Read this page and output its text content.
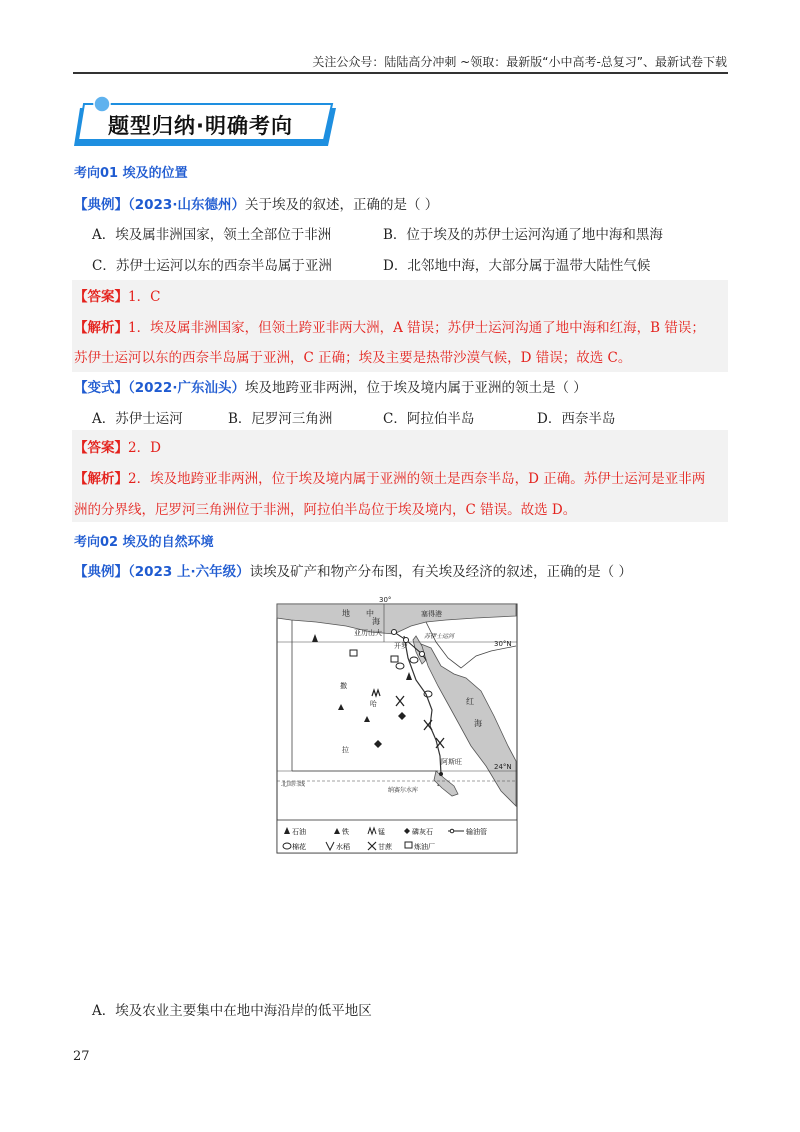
关注公众号：陆陆高分冲刺 ~领取：最新版“小中高考-总复习”、最新试卷下载
题型归纳·明确考向
考向01 埃及的位置
【典例】（2023·山东德州）关于埃及的叙述，正确的是（ ）
A．埃及属非洲国家，领土全部位于非洲	B．位于埃及的苏伊士运河沟通了地中海和黑海
C．苏伊士运河以东的西奈半岛属于亚洲	D．北邻地中海，大部分属于温带大陆性气候
【答案】1．C
【解析】1．埃及属非洲国家，但领土跨亚非两大洲，A 错误；苏伊士运河沟通了地中海和红海，B 错误；
苏伊士运河以东的西奈半岛属于亚洲，C 正确；埃及主要是热带沙漠气候，D 错误；故选 C。
【变式】（2022·广东汕头）埃及地跨亚非两洲，位于埃及境内属于亚洲的领土是（ ）
A．苏伊士运河	B．尼罗河三角洲	C．阿拉伯半岛	D．西奈半岛
【答案】2．D
【解析】2．埃及地跨亚非两洲，位于埃及境内属于亚洲的领土是西奈半岛，D 正确。苏伊士运河是亚非两
洲的分界线，尼罗河三角洲位于非洲，阿拉伯半岛位于埃及境内，C 错误。故选 D。
考向02 埃及的自然环境
【典例】（2023 上·六年级）读埃及矿产和物产分布图，有关埃及经济的叙述，正确的是（ ）
30°
地 中
海
塞得港
亚历山大	苏伊士运河
开罗	30°N
24°N
红
海
阿斯旺
纳赛尔水库
北回归线
撒
哈
拉
石油	铁	锰	磷灰石	输油管
棉花	水稻	甘蔗	炼油厂
A．埃及农业主要集中在地中海沿岸的低平地区
27
